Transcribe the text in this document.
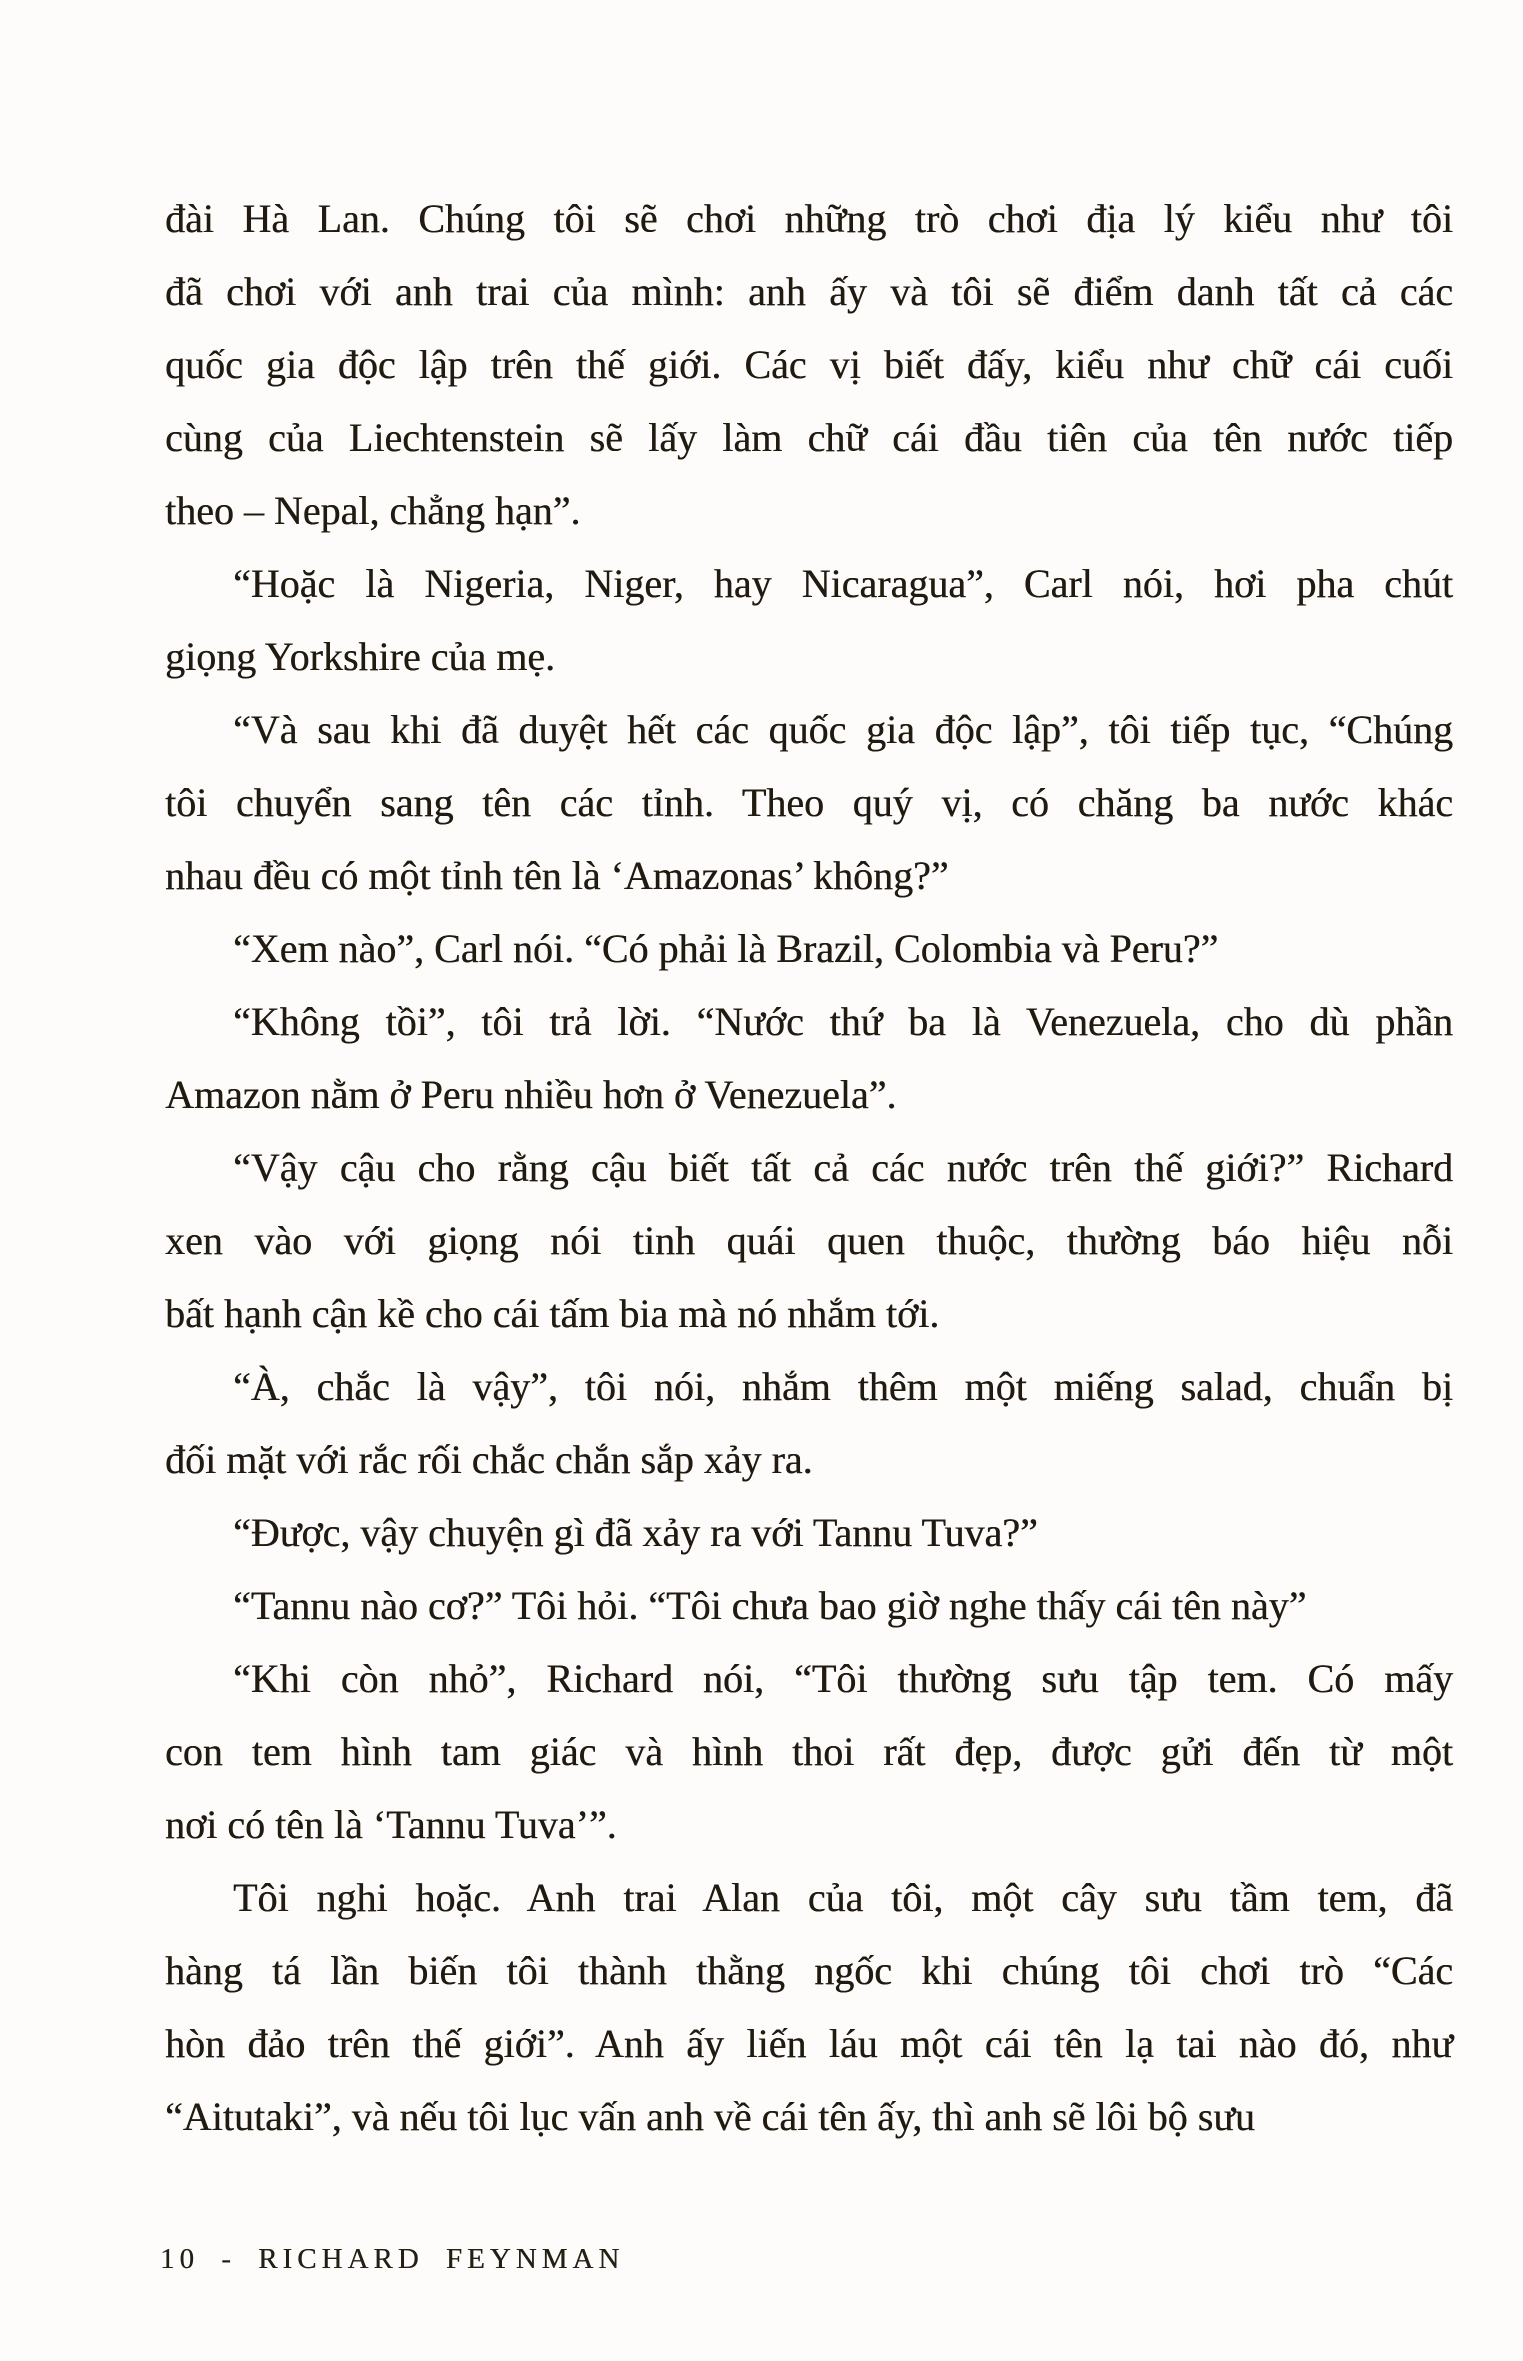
đài Hà Lan. Chúng tôi sẽ chơi những trò chơi địa lý kiểu như tôi
đã chơi với anh trai của mình: anh ấy và tôi sẽ điểm danh tất cả các
quốc gia độc lập trên thế giới. Các vị biết đấy, kiểu như chữ cái cuối
cùng của Liechtenstein sẽ lấy làm chữ cái đầu tiên của tên nước tiếp
theo – Nepal, chẳng hạn”.
“Hoặc là Nigeria, Niger, hay Nicaragua”, Carl nói, hơi pha chút
giọng Yorkshire của mẹ.
“Và sau khi đã duyệt hết các quốc gia độc lập”, tôi tiếp tục, “Chúng
tôi chuyển sang tên các tỉnh. Theo quý vị, có chăng ba nước khác
nhau đều có một tỉnh tên là ‘Amazonas’ không?”
“Xem nào”, Carl nói. “Có phải là Brazil, Colombia và Peru?”
“Không tồi”, tôi trả lời. “Nước thứ ba là Venezuela, cho dù phần
Amazon nằm ở Peru nhiều hơn ở Venezuela”.
“Vậy cậu cho rằng cậu biết tất cả các nước trên thế giới?” Richard
xen vào với giọng nói tinh quái quen thuộc, thường báo hiệu nỗi
bất hạnh cận kề cho cái tấm bia mà nó nhắm tới.
“À, chắc là vậy”, tôi nói, nhắm thêm một miếng salad, chuẩn bị
đối mặt với rắc rối chắc chắn sắp xảy ra.
“Được, vậy chuyện gì đã xảy ra với Tannu Tuva?”
“Tannu nào cơ?” Tôi hỏi. “Tôi chưa bao giờ nghe thấy cái tên này”
“Khi còn nhỏ”, Richard nói, “Tôi thường sưu tập tem. Có mấy
con tem hình tam giác và hình thoi rất đẹp, được gửi đến từ một
nơi có tên là ‘Tannu Tuva’”.
Tôi nghi hoặc. Anh trai Alan của tôi, một cây sưu tầm tem, đã
hàng tá lần biến tôi thành thằng ngốc khi chúng tôi chơi trò “Các
hòn đảo trên thế giới”. Anh ấy liến láu một cái tên lạ tai nào đó, như
“Aitutaki”, và nếu tôi lục vấn anh về cái tên ấy, thì anh sẽ lôi bộ sưu
10 - RICHARD FEYNMAN
